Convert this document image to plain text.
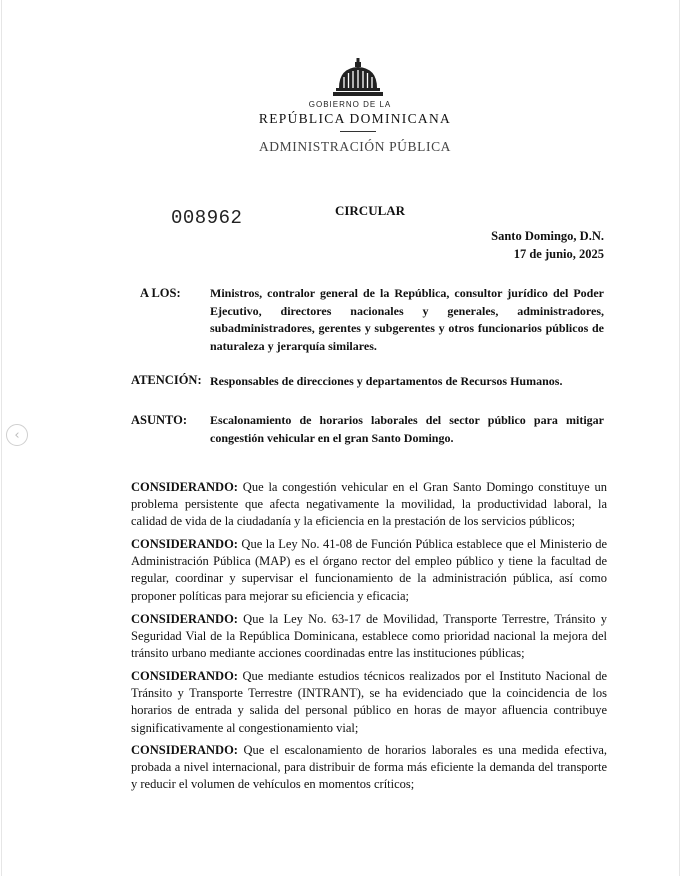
GOBIERNO DE LA
REPÚBLICA DOMINICANA
ADMINISTRACIÓN PÚBLICA
008962	CIRCULAR
Santo Domingo, D.N.
17 de junio, 2025
A LOS: Ministros, contralor general de la República, consultor jurídico del Poder Ejecutivo, directores nacionales y generales, administradores, subadministradores, gerentes y subgerentes y otros funcionarios públicos de naturaleza y jerarquía similares.
ATENCIÓN: Responsables de direcciones y departamentos de Recursos Humanos.
ASUNTO: Escalonamiento de horarios laborales del sector público para mitigar congestión vehicular en el gran Santo Domingo.
CONSIDERANDO: Que la congestión vehicular en el Gran Santo Domingo constituye un problema persistente que afecta negativamente la movilidad, la productividad laboral, la calidad de vida de la ciudadanía y la eficiencia en la prestación de los servicios públicos;
CONSIDERANDO: Que la Ley No. 41-08 de Función Pública establece que el Ministerio de Administración Pública (MAP) es el órgano rector del empleo público y tiene la facultad de regular, coordinar y supervisar el funcionamiento de la administración pública, así como proponer políticas para mejorar su eficiencia y eficacia;
CONSIDERANDO: Que la Ley No. 63-17 de Movilidad, Transporte Terrestre, Tránsito y Seguridad Vial de la República Dominicana, establece como prioridad nacional la mejora del tránsito urbano mediante acciones coordinadas entre las instituciones públicas;
CONSIDERANDO: Que mediante estudios técnicos realizados por el Instituto Nacional de Tránsito y Transporte Terrestre (INTRANT), se ha evidenciado que la coincidencia de los horarios de entrada y salida del personal público en horas de mayor afluencia contribuye significativamente al congestionamiento vial;
CONSIDERANDO: Que el escalonamiento de horarios laborales es una medida efectiva, probada a nivel internacional, para distribuir de forma más eficiente la demanda del transporte y reducir el volumen de vehículos en momentos críticos;
‹
